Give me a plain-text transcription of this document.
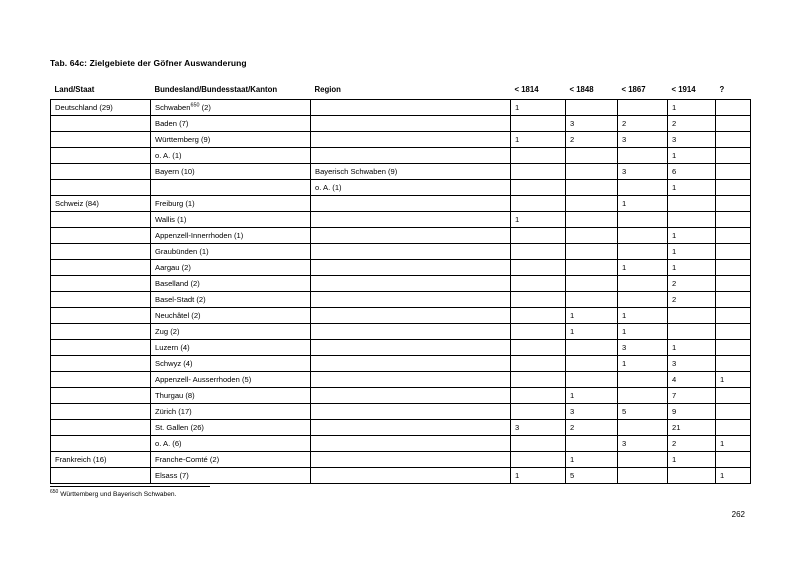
Tab. 64c: Zielgebiete der Göfner Auswanderung
Land/Staat	Bundesland/Bundesstaat/Kanton	Region	< 1814	< 1848	< 1867	< 1914	?
Deutschland (29)	Schwaben$^{650}$ (2)		1			1	
	Baden (7)			3	2	2	
	Württemberg (9)		1	2	3	3	
	o. A. (1)					1	
	Bayern (10)	Bayerisch Schwaben (9)			3	6	
		o. A. (1)				1	
Schweiz (84)	Freiburg (1)				1		
	Wallis (1)		1				
	Appenzell-Innerrhoden (1)					1	
	Graubünden (1)					1	
	Aargau (2)				1	1	
	Baselland (2)					2	
	Basel-Stadt (2)					2	
	Neuchâtel (2)			1	1		
	Zug (2)			1	1		
	Luzern (4)				3	1	
	Schwyz (4)				1	3	
	Appenzell- Ausserrhoden (5)					4	1
	Thurgau (8)			1		7	
	Zürich (17)			3	5	9	
	St. Gallen (26)		3	2		21	
	o. A. (6)				3	2	1
Frankreich (16)	Franche-Comté (2)			1		1	
	Elsass (7)		1	5			1
$^{650}$ Württemberg und Bayerisch Schwaben.
262
